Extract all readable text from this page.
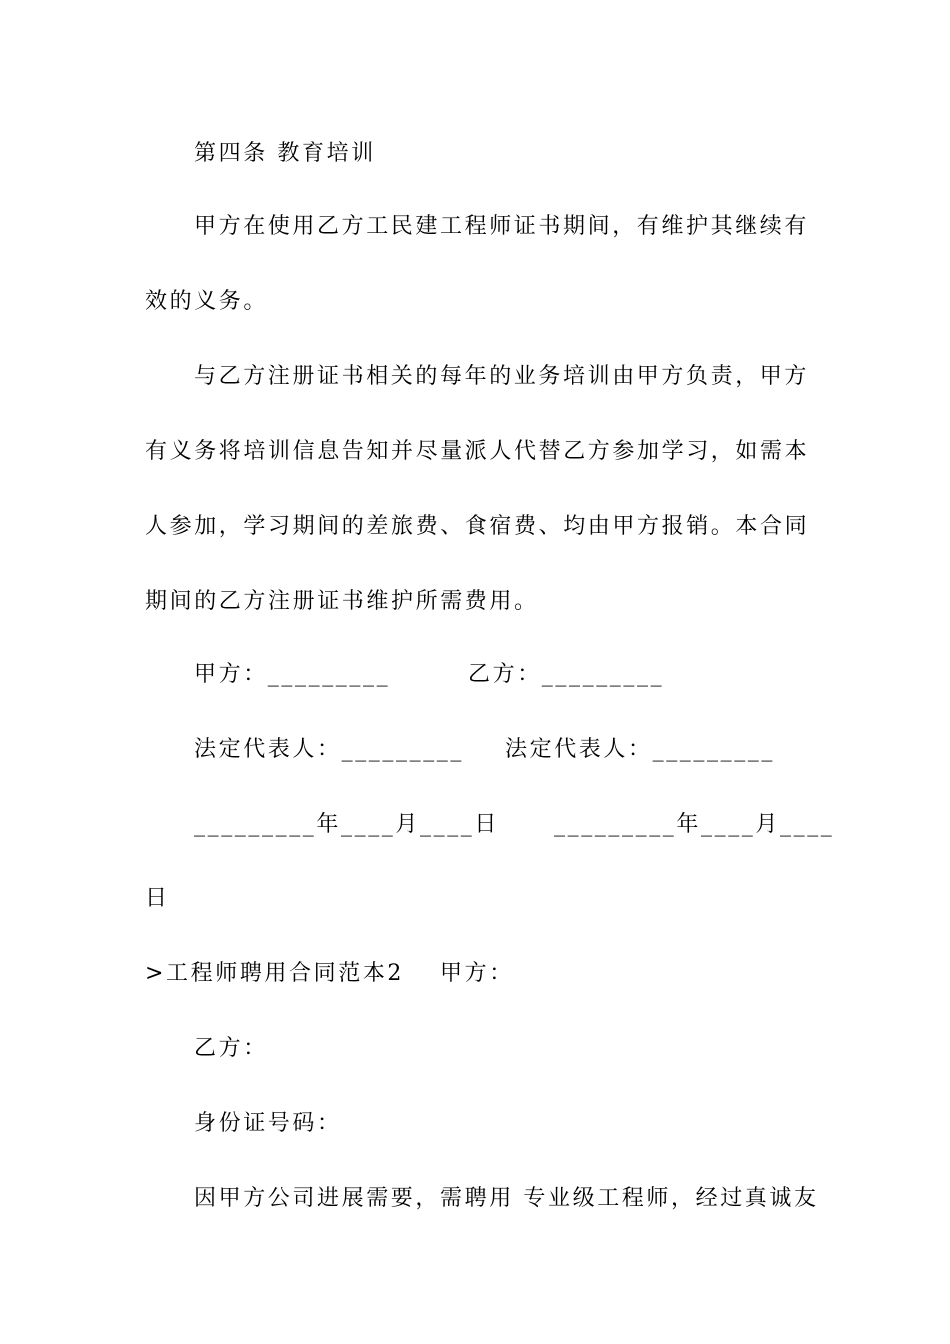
第四条 教育培训
甲方在使用乙方工民建工程师证书期间，有维护其继续有
效的义务。
与乙方注册证书相关的每年的业务培训由甲方负责，甲方
有义务将培训信息告知并尽量派人代替乙方参加学习，如需本
人参加，学习期间的差旅费、食宿费、均由甲方报销。本合同
期间的乙方注册证书维护所需费用。
甲方：_________	乙方：_________
法定代表人：_________ 法定代表人：_________
_________年____月____日 _________年____月____
日
>工程师聘用合同范本2 甲方：
乙方：
身份证号码：
因甲方公司进展需要，需聘用 专业级工程师，经过真诚友
